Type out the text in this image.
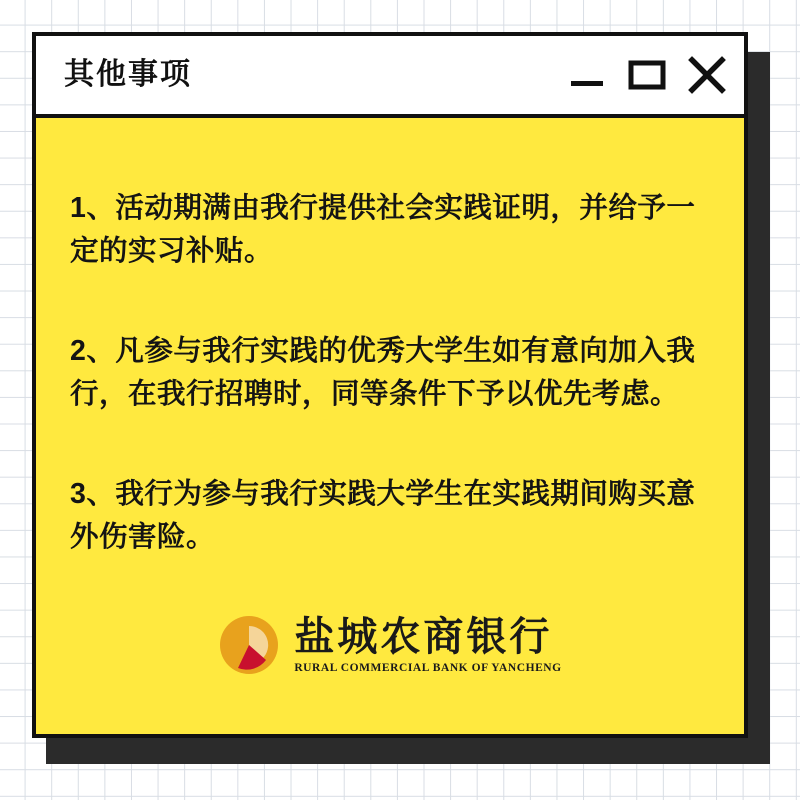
其他事项

1、活动期满由我行提供社会实践证明，并给予一定的实习补贴。

2、凡参与我行实践的优秀大学生如有意向加入我行，在我行招聘时，同等条件下予以优先考虑。

3、我行为参与我行实践大学生在实践期间购买意外伤害险。

盐城农商银行
RURAL COMMERCIAL BANK OF YANCHENG
